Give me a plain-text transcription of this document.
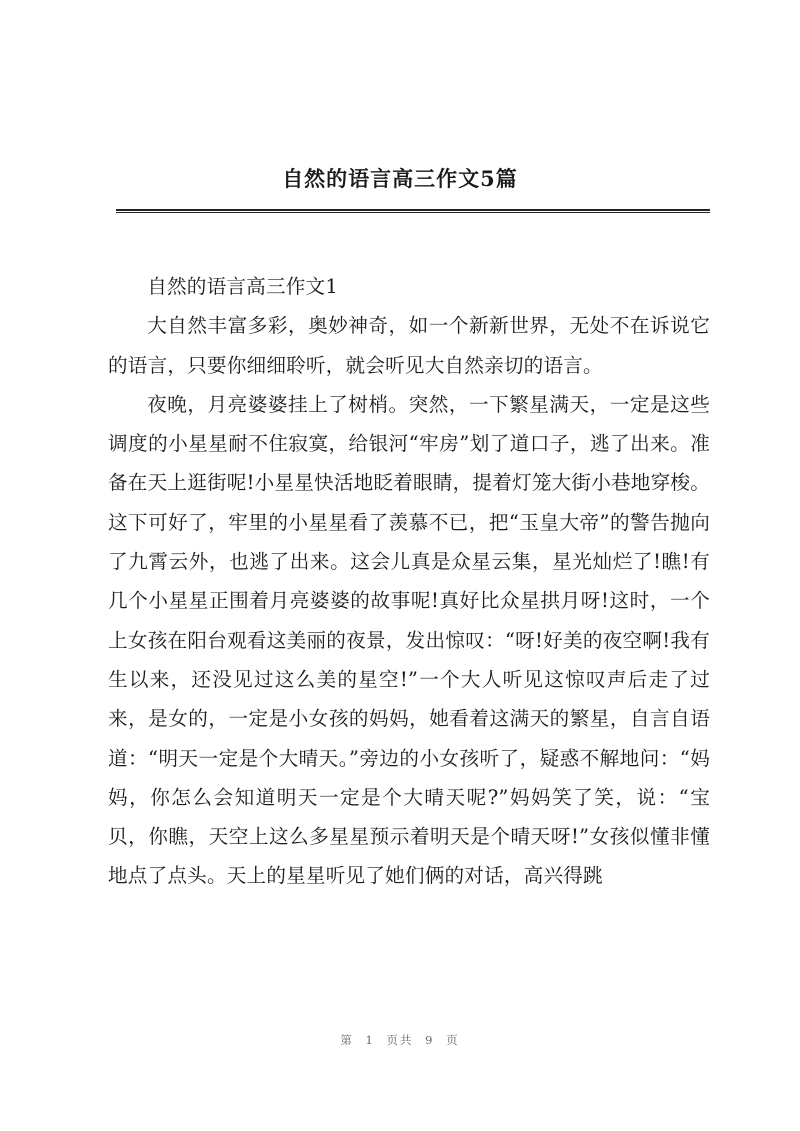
自然的语言高三作文5篇

自然的语言高三作文1

大自然丰富多彩，奥妙神奇，如一个新新世界，无处不在诉说它的语言，只要你细细聆听，就会听见大自然亲切的语言。

夜晚，月亮婆婆挂上了树梢。突然，一下繁星满天，一定是这些调度的小星星耐不住寂寞，给银河“牢房”划了道口子，逃了出来。准备在天上逛街呢!小星星快活地眨着眼睛，提着灯笼大街小巷地穿梭。这下可好了，牢里的小星星看了羡慕不已，把“玉皇大帝”的警告抛向了九霄云外，也逃了出来。这会儿真是众星云集，星光灿烂了!瞧!有几个小星星正围着月亮婆婆的故事呢!真好比众星拱月呀!这时，一个上女孩在阳台观看这美丽的夜景，发出惊叹：“呀!好美的夜空啊!我有生以来，还没见过这么美的星空!”一个大人听见这惊叹声后走了过来，是女的，一定是小女孩的妈妈，她看着这满天的繁星，自言自语道：“明天一定是个大晴天。”旁边的小女孩听了，疑惑不解地问：“妈妈，你怎么会知道明天一定是个大晴天呢?”妈妈笑了笑，说：“宝贝，你瞧，天空上这么多星星预示着明天是个晴天呀!”女孩似懂非懂地点了点头。天上的星星听见了她们俩的对话，高兴得跳

第 1 页共 9 页
